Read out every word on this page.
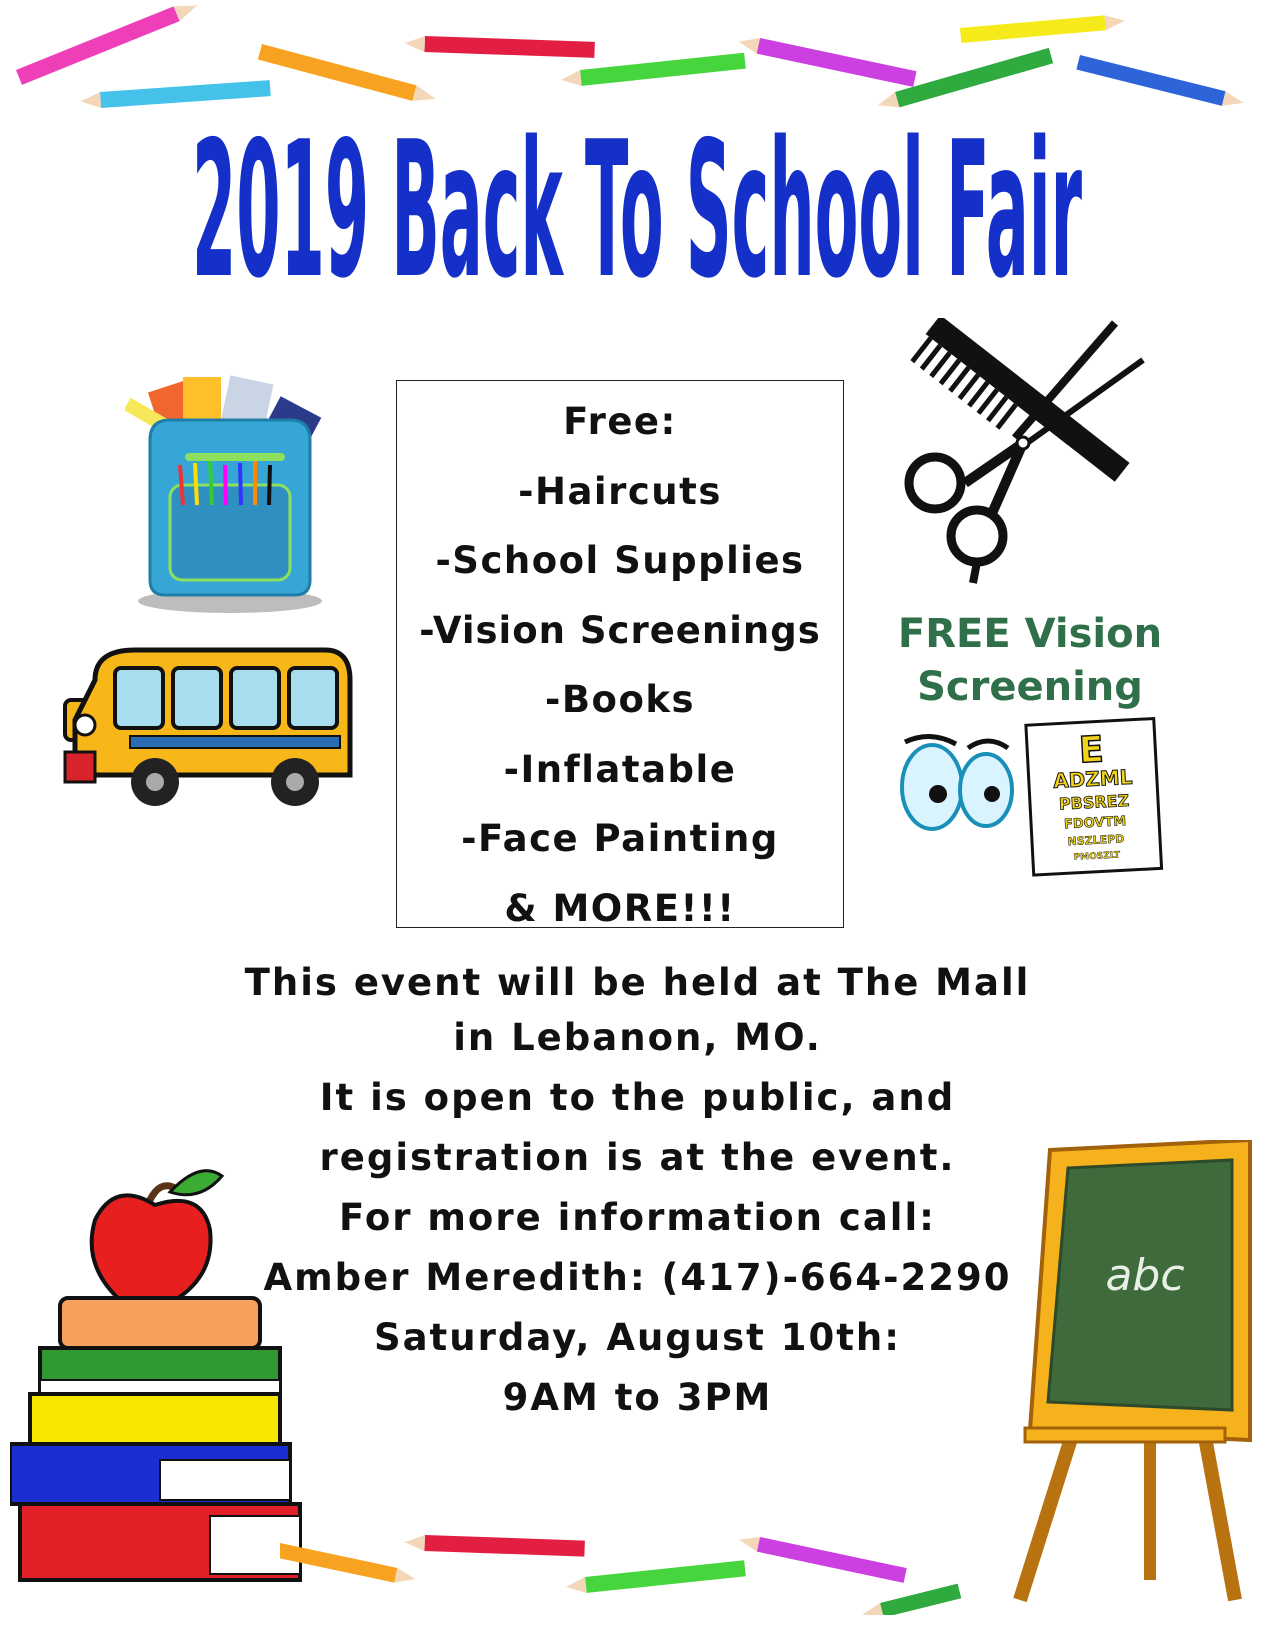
2019 Back To School Fair
Free:
-Haircuts
-School Supplies
-Vision Screenings
-Books
-Inflatable
-Face Painting
& MORE!!!
FREE Vision
Screening
E
ADZML
PBSREZ
FDOVTM
NSZLEPD
PMOSZLT
This event will be held at The Mall
in Lebanon, MO.
It is open to the public, and
registration is at the event.
For more information call:
Amber Meredith: (417)-664-2290
Saturday, August 10th:
9AM to 3PM
abc
